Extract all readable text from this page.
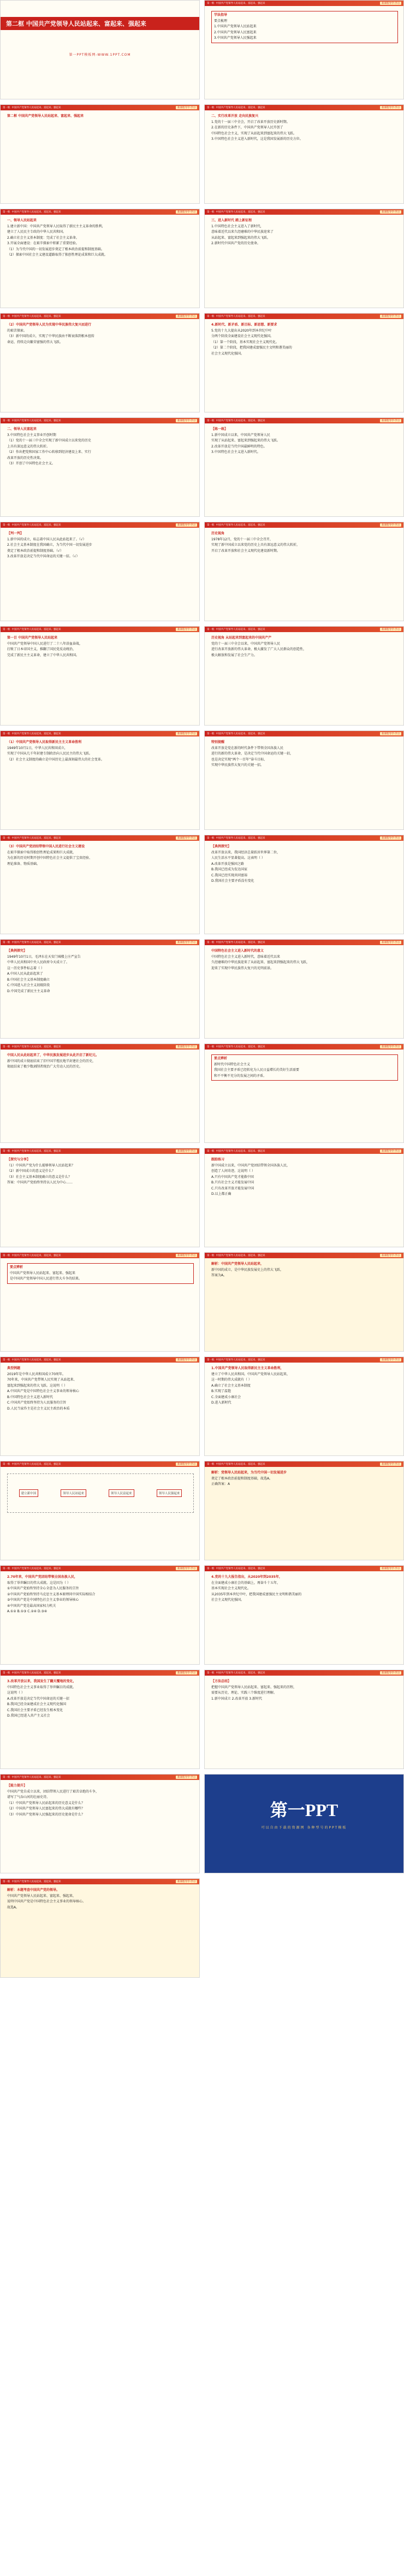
第二框 中国共产党领导人民站起来、富起来、强起来
第一PPT模板网-WWW.1PPT.COM
第一框 中国共产党领导人民站起来、富起来、强起来	新课程导学·学习
第二框 中国共产党领导人民站起来、富起来、强起来
第一框 中国共产党领导人民站起来、富起来、强起来	新课程导学·学习
一、领导人民站起来
1.建立新中国：中国共产党领导人民取得了新民主主义革命的胜利，
建立了人民民主专政的中华人民共和国。
2.确立社会主义基本制度：完成了社会主义革命。
3.开展全面建设：在艰辛探索中积累了重要经验。
（1）为当代中国的一切发展进步奠定了根本政治前提和制度基础。
（2）探索中国社会主义建设道路取得了独创性理论成果和巨大成就。
第一框 中国共产党领导人民站起来、富起来、强起来	新课程导学·学习
（2）中国共产党领导人民为实现中华民族伟大复兴而进行
的艰苦探索。
（3）新中国的成立，实现了中华民族由不断衰落到根本扭转
命运、持续走向繁荣富强的伟大飞跃。
第一框 中国共产党领导人民站起来、富起来、强起来	新课程导学·学习
二、领导人民富起来
3.中国特色社会主义事业开创时期
（1）党的十一届三中全会实现了新中国成立以来党的历史
上具有深远意义的伟大转折。
（2）作出把党和国家工作中心转移到经济建设上来、实行
改革开放的历史性决策。
（3）开创了中国特色社会主义。
第一框 中国共产党领导人民站起来、富起来、强起来	新课程导学·学习
【判一判】
1.新中国的成立，标志着中国人民从此站起来了。（√）
2.社会主义基本制度在我国确立，为当代中国一切发展进步
奠定了根本政治前提和制度基础。（√）
3.改革开放是决定当代中国命运的关键一招。（√）
第一框 中国共产党领导人民站起来、富起来、强起来	新课程导学·学习
第一目 中国共产党领导人民站起来
中国共产党领导中国人民进行了二十八年浴血奋战，
打败了日本帝国主义，推翻了国民党反动统治，
完成了新民主主义革命，建立了中华人民共和国。
第一框 中国共产党领导人民站起来、富起来、强起来	新课程导学·学习
（1）中国共产党领导人民取得新民主主义革命胜利
1949年10月1日，中华人民共和国成立，
实现了中国从几千年封建专制政治向人民民主的伟大飞跃。
（2）社会主义制度的确立是中国历史上最深刻最伟大的社会变革。
第一框 中国共产党领导人民站起来、富起来、强起来	新课程导学·学习
（3）中国共产党团结带领中国人民进行社会主义建设
在艰辛探索中取得独创性理论成果和巨大成就，
为在新的历史时期开创中国特色社会主义提供了宝贵经验、
理论准备、物质基础。
第一框 中国共产党领导人民站起来、富起来、强起来	新课程导学·学习
【典例探究】
1949年10月1日，毛泽东在天安门城楼上庄严宣告
中华人民共和国中央人民政府今天成立了。
这一历史事件标志着（ ）
A.中国人民从此站起来了
B.中国社会主义基本制度确立
C.中国进入社会主义初级阶段
D.中国完成了新民主主义革命
第一框 中国共产党领导人民站起来、富起来、强起来	新课程导学·学习
中国人民从此站起来了，中华民族发展进步从此开启了新纪元。
新中国的成立彻底结束了旧中国半殖民地半封建社会的历史，
彻底结束了极少数剥削者统治广大劳动人民的历史。
第一框 中国共产党领导人民站起来、富起来、强起来	新课程导学·学习
【探究与分享】
（1）中国共产党为什么能够领导人民站起来？
（2）新中国成立的意义是什么？
（3）社会主义基本制度确立的意义是什么？
答案：中国共产党始终坚持以人民为中心……
第一框 中国共产党领导人民站起来、富起来、强起来	新课程导学·学习
要点辨析
中国共产党领导人民站起来、富起来、强起来
是中国共产党领导中国人民进行伟大斗争的结果。
第一框 中国共产党领导人民站起来、富起来、强起来	新课程导学·学习
典型例题
2019年是中华人民共和国成立70周年。
70年来，中国共产党带领人民实现了从站起来、
富起来到强起来的伟大飞跃。这说明（ ）
A.中国共产党是中国特色社会主义事业的领导核心
B.中国特色社会主义进入新时代
C.中国共产党始终坚持为人民服务的宗旨
D.人民当家作主是社会主义民主政治的本质
第一框 中国共产党领导人民站起来、富起来、强起来	新课程导学·学习
建立新中国	领导人民站起来	领导人民富起来	领导人民强起来
第一框 中国共产党领导人民站起来、富起来、强起来	新课程导学·学习
2.70年来，中国共产党团结带领全国各族人民，
取得了举世瞩目的伟大成就。这是因为（ ）
①中国共产党始终坚持全心全意为人民服务的宗旨
②中国共产党始终坚持马克思主义基本原理同中国实际相结合
③中国共产党是中国特色社会主义事业的领导核心
④中国共产党是最高国家权力机关
A.①② B.①③ C.②④ D.③④
第一框 中国共产党领导人民站起来、富起来、强起来	新课程导学·学习
3.改革开放以来，我国发生了翻天覆地的变化，
中国特色社会主义事业取得了举世瞩目的成就。
这说明（ ）
A.改革开放是决定当代中国命运的关键一招
B.我国已经全面建成社会主义现代化强国
C.我国社会主要矛盾已经发生根本变化
D.我国已经进入共产主义社会
第一框 中国共产党领导人民站起来、富起来、强起来	新课程导学·学习
【能力提升】
中国共产党自成立以来，团结带领人民进行了艰苦卓绝的斗争，
谱写了气吞山河的壮丽史诗。
（1）中国共产党领导人民站起来的历史意义是什么？
（2）中国共产党领导人民富起来的伟大成就有哪些？
（3）中国共产党领导人民强起来的历史使命是什么？
第一框 中国共产党领导人民站起来、富起来、强起来	新课程导学·学习
解析：本题考查中国共产党的领导。
中国共产党领导人民站起来、富起来、强起来，
说明中国共产党是中国特色社会主义事业的领导核心。
故选A。
第一框 中国共产党领导人民站起来、富起来、强起来	新课程导学·学习
学法指导
要点梳理
1.中国共产党领导人民站起来
2.中国共产党领导人民富起来
3.中国共产党领导人民强起来
第一框 中国共产党领导人民站起来、富起来、强起来	新课程导学·学习
二、实行改革开放 走向民族复兴
1.党的十一届三中全会，开启了改革开放历史新时期。
2.在新的历史条件下，中国共产党领导人民开创了
中国特色社会主义，实现了从站起来到富起来的伟大飞跃。
3.中国特色社会主义进入新时代，这是我国发展新的历史方位。
第一框 中国共产党领导人民站起来、富起来、强起来	新课程导学·学习
三、进入新时代 踏上新征程
1.中国特色社会主义进入了新时代，
意味着近代以来久经磨难的中华民族迎来了
从站起来、富起来到强起来的伟大飞跃。
2.新时代中国共产党的历史使命。
第一框 中国共产党领导人民站起来、富起来、强起来	新课程导学·学习
4.新时代、新矛盾、新目标、新思想、新要求
5.党的十九大提出从2020年到本世纪中叶
分两个阶段全面建设社会主义现代化强国。
（1）第一个阶段，基本实现社会主义现代化。
（2）第二个阶段，把我国建成富强民主文明和谐美丽的
社会主义现代化强国。
第一框 中国共产党领导人民站起来、富起来、强起来	新课程导学·学习
【练一练】
1.新中国成立以来，中国共产党领导人民
实现了从站起来、富起来到强起来的伟大飞跃。
2.改革开放是当代中国最鲜明的特色。
3.中国特色社会主义进入新时代。
第一框 中国共产党领导人民站起来、富起来、强起来	新课程导学·学习
历史视角
1978年12月，党的十一届三中全会召开，
实现了新中国成立以来党的历史上具有深远意义的伟大转折，
开启了改革开放和社会主义现代化建设新时期。
第一框 中国共产党领导人民站起来、富起来、强起来	新课程导学·学习
历史视角 从站起来到富起来的中国共产产
党的十一届三中全会以来，中国共产党领导人民
进行改革开放新的伟大革命，极大激发了广大人民群众的创造性，
极大解放和发展了社会生产力。
第一框 中国共产党领导人民站起来、富起来、强起来	新课程导学·学习
特别提醒
改革开放是党在新的时代条件下带领全国各族人民
进行的新的伟大革命，是决定当代中国命运的关键一招，
也是决定实现“两个一百年”奋斗目标、
实现中华民族伟大复兴的关键一招。
第一框 中国共产党领导人民站起来、富起来、强起来	新课程导学·学习
【典例探究】
改革开放以来，我国经济总量跃居世界第二位，
人民生活水平显著提高。这表明（ ）
A.改革开放是强国之路
B.我国已经成为发达国家
C.我国已经实现共同富裕
D.我国社会主要矛盾没有变化
第一框 中国共产党领导人民站起来、富起来、强起来	新课程导学·学习
中国特色社会主义进入新时代的意义
中国特色社会主义进入新时代，意味着近代以来
久经磨难的中华民族迎来了从站起来、富起来到强起来的伟大飞跃，
迎来了实现中华民族伟大复兴的光明前景。
第一框 中国共产党领导人民站起来、富起来、强起来	新课程导学·学习
要点辨析
新时代中国特色社会主义
我国社会主要矛盾已经转化为人民日益增长的美好生活需要
和不平衡不充分的发展之间的矛盾。
第一框 中国共产党领导人民站起来、富起来、强起来	新课程导学·学习
跟踪练习
新中国成立以来，中国共产党团结带领全国各族人民，
创造了人间奇迹。这说明（ ）
A.只有中国共产党才能救中国
B.只有社会主义才能发展中国
C.只有改革开放才能发展中国
D.以上都正确
第一框 中国共产党领导人民站起来、富起来、强起来	新课程导学·学习
解析：中国共产党领导人民站起来，
新中国的成立，是中华民族发展史上的伟大飞跃，
答案为A。
第一框 中国共产党领导人民站起来、富起来、强起来	新课程导学·学习
1.中国共产党领导人民取得新民主主义革命胜利，
建立了中华人民共和国。中国共产党领导人民站起来，
这一时期的伟大成就有（ ）
A.确立了社会主义基本制度
B.实现了温饱
C.全面建成小康社会
D.进入新时代
第一框 中国共产党领导人民站起来、富起来、强起来	新课程导学·学习
解析：党领导人民站起来，为当代中国一切发展进步
奠定了根本政治前提和制度基础，故选A。
正确答案：A
第一框 中国共产党领导人民站起来、富起来、强起来	新课程导学·学习
4.党的十九大报告指出，从2020年到2035年，
在全面建成小康社会的基础上，再奋斗十五年，
基本实现社会主义现代化。
从2035年到本世纪中叶，把我国建成富强民主文明和谐美丽的
社会主义现代化强国。
第一框 中国共产党领导人民站起来、富起来、强起来	新课程导学·学习
【方法总结】
把握中国共产党领导人民站起来、富起来、强起来的历程，
需要从历史、理论、实践三个维度进行理解。
1.新中国成立 2.改革开放 3.新时代
第一PPT
可以自由下载的资源网 各种型号的PPT模板
